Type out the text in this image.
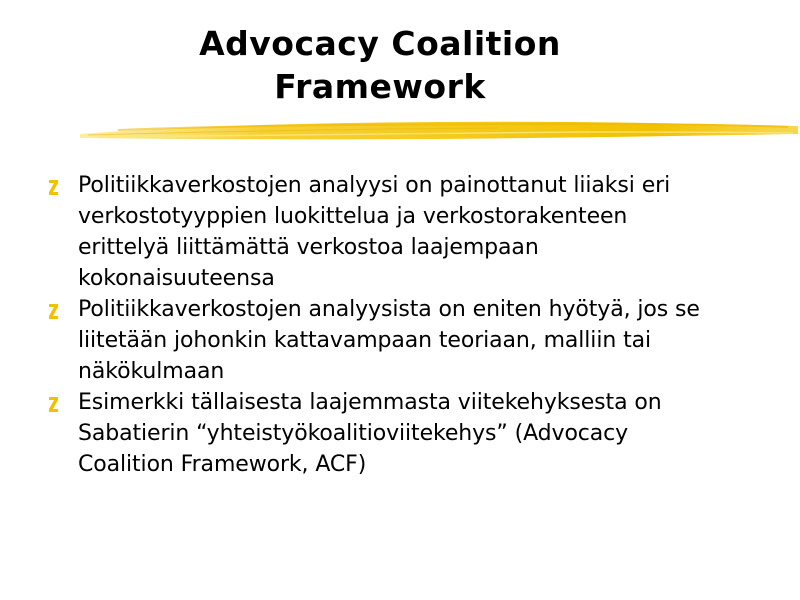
Advocacy Coalition
Framework
Politiikkaverkostojen analyysi on painottanut liiaksi eri
verkostotyyppien luokittelua ja verkostorakenteen
erittelyä liittämättä verkostoa laajempaan
kokonaisuuteensa
Politiikkaverkostojen analyysista on eniten hyötyä, jos se
liitetään johonkin kattavampaan teoriaan, malliin tai
näkökulmaan
Esimerkki tällaisesta laajemmasta viitekehyksesta on
Sabatierin “yhteistyökoalitioviitekehys” (Advocacy
Coalition Framework, ACF)
